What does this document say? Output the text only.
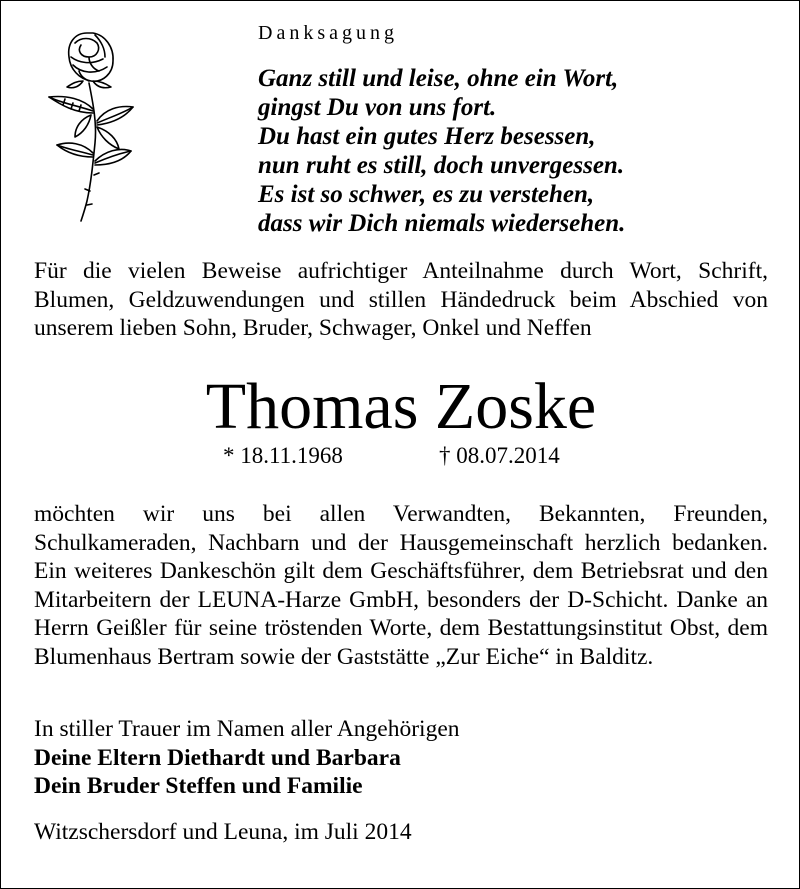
Danksagung
Ganz still und leise, ohne ein Wort,
gingst Du von uns fort.
Du hast ein gutes Herz besessen,
nun ruht es still, doch unvergessen.
Es ist so schwer, es zu verstehen,
dass wir Dich niemals wiedersehen.

Für die vielen Beweise aufrichtiger Anteilnahme durch Wort, Schrift, Blumen, Geldzuwendungen und stillen Händedruck beim Abschied von unserem lieben Sohn, Bruder, Schwager, Onkel und Neffen

Thomas Zoske
* 18.11.1968	† 08.07.2014

möchten wir uns bei allen Verwandten, Bekannten, Freunden, Schulkameraden, Nachbarn und der Hausgemeinschaft herzlich bedanken. Ein weiteres Dankeschön gilt dem Geschäftsführer, dem Betriebsrat und den Mitarbeitern der LEUNA-Harze GmbH, besonders der D-Schicht. Danke an Herrn Geißler für seine tröstenden Worte, dem Bestattungsinstitut Obst, dem Blumenhaus Bertram sowie der Gaststätte „Zur Eiche“ in Balditz.

In stiller Trauer im Namen aller Angehörigen
Deine Eltern Diethardt und Barbara
Dein Bruder Steffen und Familie
Witzschersdorf und Leuna, im Juli 2014
